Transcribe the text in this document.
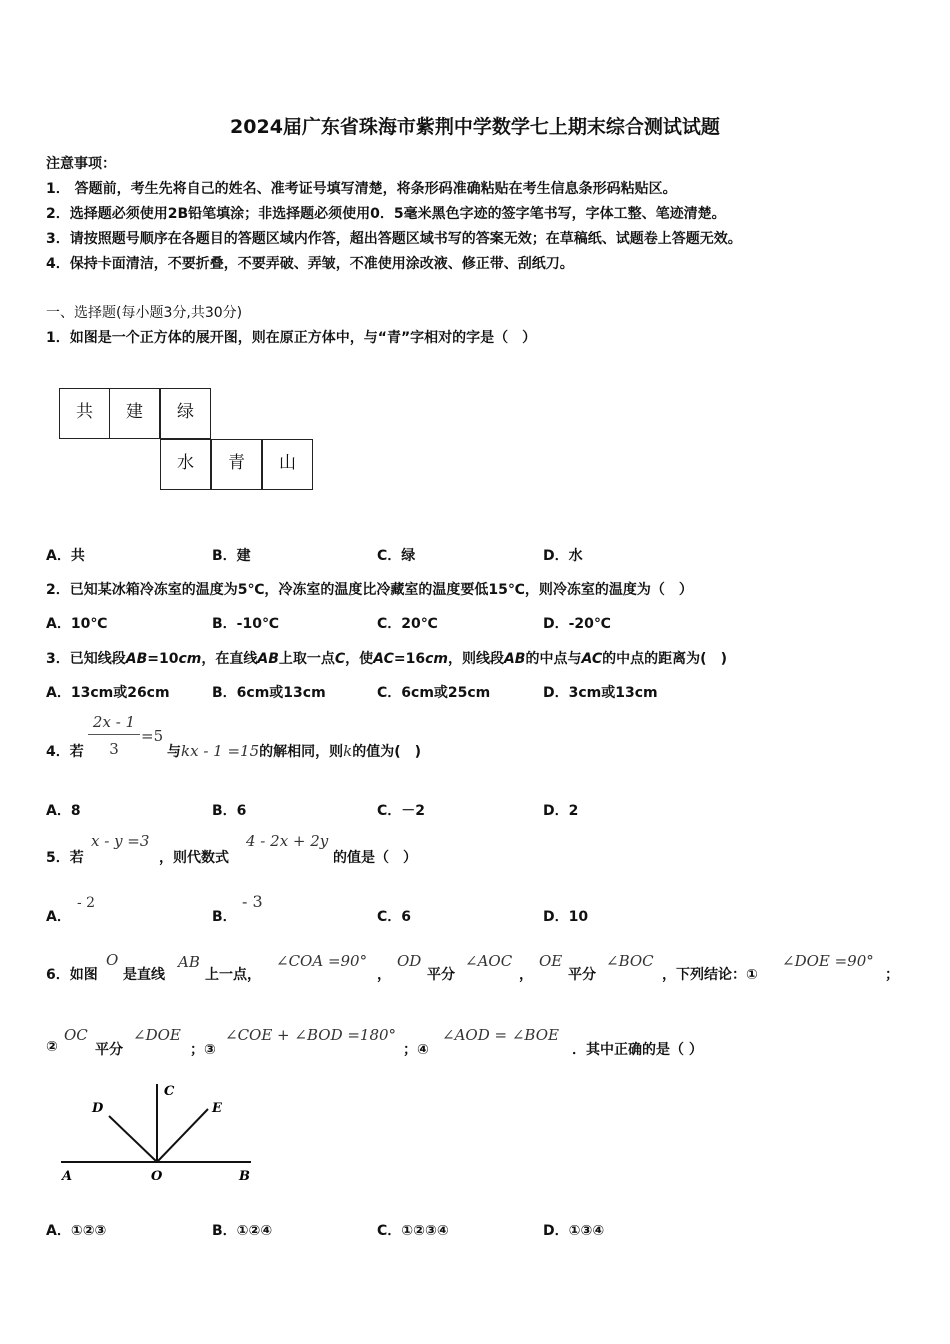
2024届广东省珠海市紫荆中学数学七上期末综合测试试题
注意事项：
1． 答题前，考生先将自己的姓名、准考证号填写清楚，将条形码准确粘贴在考生信息条形码粘贴区。
2．选择题必须使用2B铅笔填涂；非选择题必须使用0．5毫米黑色字迹的签字笔书写，字体工整、笔迹清楚。
3．请按照题号顺序在各题目的答题区域内作答，超出答题区域书写的答案无效；在草稿纸、试题卷上答题无效。
4．保持卡面清洁，不要折叠，不要弄破、弄皱，不准使用涂改液、修正带、刮纸刀。
一、选择题(每小题3分,共30分)
1．如图是一个正方体的展开图，则在原正方体中，与“青”字相对的字是（　）
共	建	绿
水	青	山
A．共	B．建	C．绿	D．水
2．已知某冰箱冷冻室的温度为5℃，冷冻室的温度比冷藏室的温度要低15℃，则冷冻室的温度为（　）
A．10℃	B．-10℃	C．20℃	D．-20℃
3．已知线段AB=10cm，在直线AB上取一点C，使AC=16cm，则线段AB的中点与AC的中点的距离为(　)
A．13cm或26cm	B．6cm或13cm	C．6cm或25cm	D．3cm或13cm
4．若
2x - 1
3
=5
与kx - 1 =15的解相同，则k的值为(　)
A．8	B．6	C．－2	D．2
5．若
x - y =3
，则代数式
4 - 2x + 2y
的值是（　）
A．
- 2
B．
- 3
C．6	D．10
6．如图
O
是直线
AB
上一点，
∠COA =90°
，
OD
平分
∠AOC
，
OE
平分
∠BOC
，下列结论：①
∠DOE =90°
；
②
OC
平分
∠DOE
；③
∠COE + ∠BOD =180°
；④
∠AOD = ∠BOE
．其中正确的是（ ）
A	O	B
C
D	E
A．①②③	B．①②④	C．①②③④	D．①③④
